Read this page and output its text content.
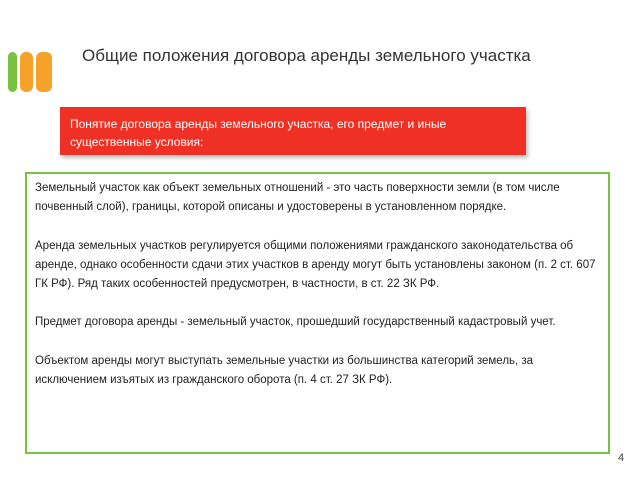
Общие положения договора аренды земельного участка
Понятие договора аренды земельного участка, его предмет и иные существенные условия:

Земельный участок как объект земельных отношений - это часть поверхности земли (в том числе почвенный слой), границы, которой описаны и удостоверены в установленном порядке.

Аренда земельных участков регулируется общими положениями гражданского законодательства об аренде, однако особенности сдачи этих участков в аренду могут быть установлены законом (п. 2 ст. 607 ГК РФ). Ряд таких особенностей предусмотрен, в частности, в ст. 22 ЗК РФ.

Предмет договора аренды - земельный участок, прошедший государственный кадастровый учет.

Объектом аренды могут выступать земельные участки из большинства категорий земель, за исключением изъятых из гражданского оборота (п. 4 ст. 27 ЗК РФ).

4
